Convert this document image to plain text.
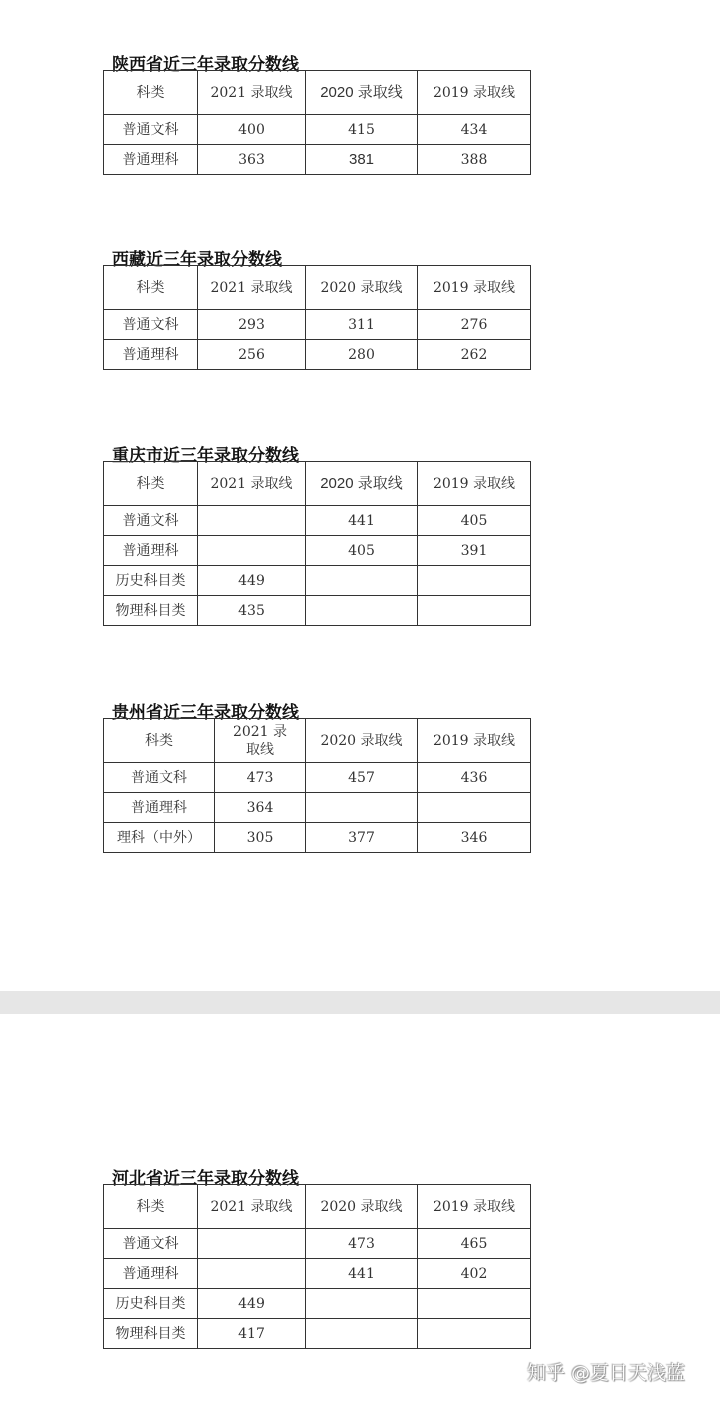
陕西省近三年录取分数线
科类	2021 录取线	2020 录取线	2019 录取线
普通文科	400	415	434
普通理科	363	381	388
西藏近三年录取分数线
科类	2021 录取线	2020 录取线	2019 录取线
普通文科	293	311	276
普通理科	256	280	262
重庆市近三年录取分数线
科类	2021 录取线	2020 录取线	2019 录取线
普通文科		441	405
普通理科		405	391
历史科目类	449		
物理科目类	435		
贵州省近三年录取分数线
科类	2021 录取线	2020 录取线	2019 录取线
普通文科	473	457	436
普通理科	364		
理科（中外）	305	377	346
河北省近三年录取分数线
科类	2021 录取线	2020 录取线	2019 录取线
普通文科		473	465
普通理科		441	402
历史科目类	449		
物理科目类	417		
知乎 @夏日天浅蓝
